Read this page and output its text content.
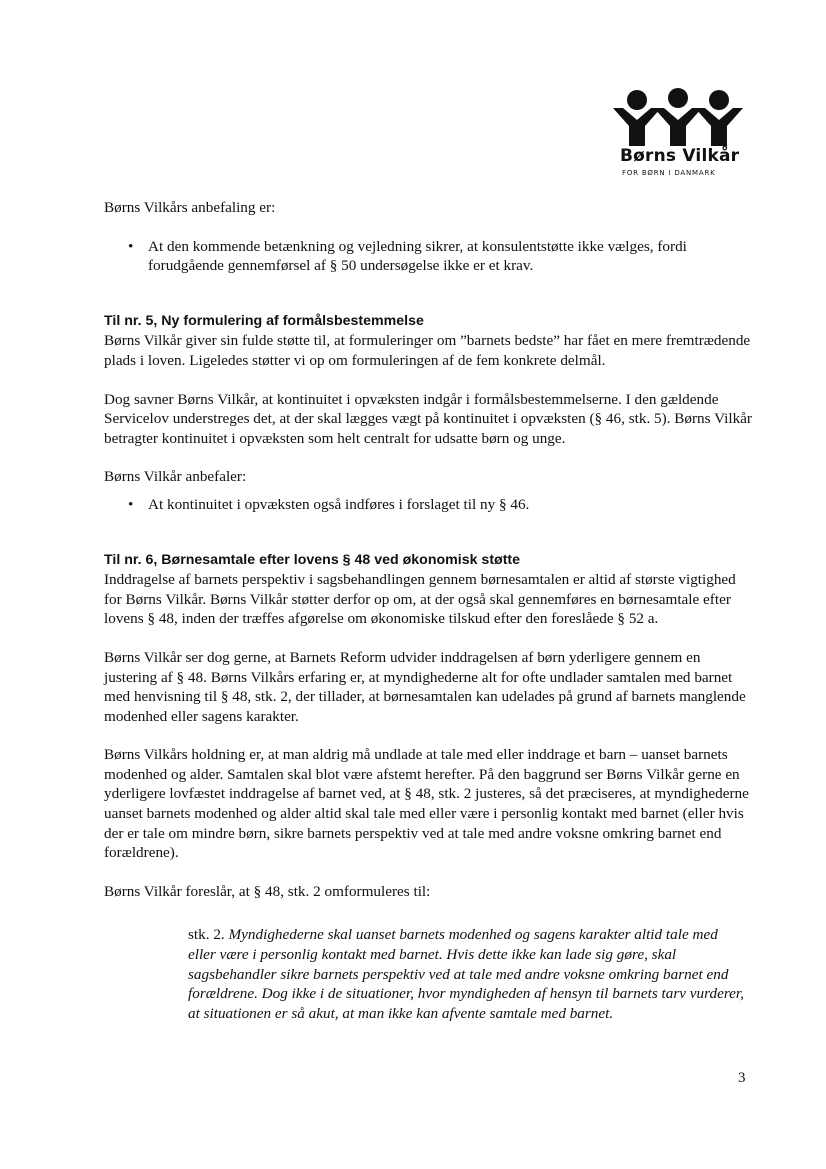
Børns Vilkår
FOR BØRN I DANMARK

Børns Vilkårs anbefaling er:

• At den kommende betænkning og vejledning sikrer, at konsulentstøtte ikke vælges, fordi forudgående gennemførsel af § 50 undersøgelse ikke er et krav.
Til nr. 5, Ny formulering af formålsbestemmelse

Børns Vilkår giver sin fulde støtte til, at formuleringer om ”barnets bedste” har fået en mere fremtrædende plads i loven. Ligeledes støtter vi op om formuleringen af de fem konkrete delmål.

Dog savner Børns Vilkår, at kontinuitet i opvæksten indgår i formålsbestemmelserne. I den gældende Servicelov understreges det, at der skal lægges vægt på kontinuitet i opvæksten (§ 46, stk. 5). Børns Vilkår betragter kontinuitet i opvæksten som helt centralt for udsatte børn og unge.

Børns Vilkår anbefaler:

• At kontinuitet i opvæksten også indføres i forslaget til ny § 46.
Til nr. 6, Børnesamtale efter lovens § 48 ved økonomisk støtte

Inddragelse af barnets perspektiv i sagsbehandlingen gennem børnesamtalen er altid af største vigtighed for Børns Vilkår. Børns Vilkår støtter derfor op om, at der også skal gennemføres en børnesamtale efter lovens § 48, inden der træffes afgørelse om økonomiske tilskud efter den foreslåede § 52 a.

Børns Vilkår ser dog gerne, at Barnets Reform udvider inddragelsen af børn yderligere gennem en justering af § 48. Børns Vilkårs erfaring er, at myndighederne alt for ofte undlader samtalen med barnet med henvisning til § 48, stk. 2, der tillader, at børnesamtalen kan udelades på grund af barnets manglende modenhed eller sagens karakter.

Børns Vilkårs holdning er, at man aldrig må undlade at tale med eller inddrage et barn – uanset barnets modenhed og alder. Samtalen skal blot være afstemt herefter. På den baggrund ser Børns Vilkår gerne en yderligere lovfæstet inddragelse af barnet ved, at § 48, stk. 2 justeres, så det præciseres, at myndighederne uanset barnets modenhed og alder altid skal tale med eller være i personlig kontakt med barnet (eller hvis der er tale om mindre børn, sikre barnets perspektiv ved at tale med andre voksne omkring barnet end forældrene).

Børns Vilkår foreslår, at § 48, stk. 2 omformuleres til:

stk. 2. Myndighederne skal uanset barnets modenhed og sagens karakter altid tale med eller være i personlig kontakt med barnet. Hvis dette ikke kan lade sig gøre, skal sagsbehandler sikre barnets perspektiv ved at tale med andre voksne omkring barnet end forældrene. Dog ikke i de situationer, hvor myndigheden af hensyn til barnets tarv vurderer, at situationen er så akut, at man ikke kan afvente samtale med barnet.

3
